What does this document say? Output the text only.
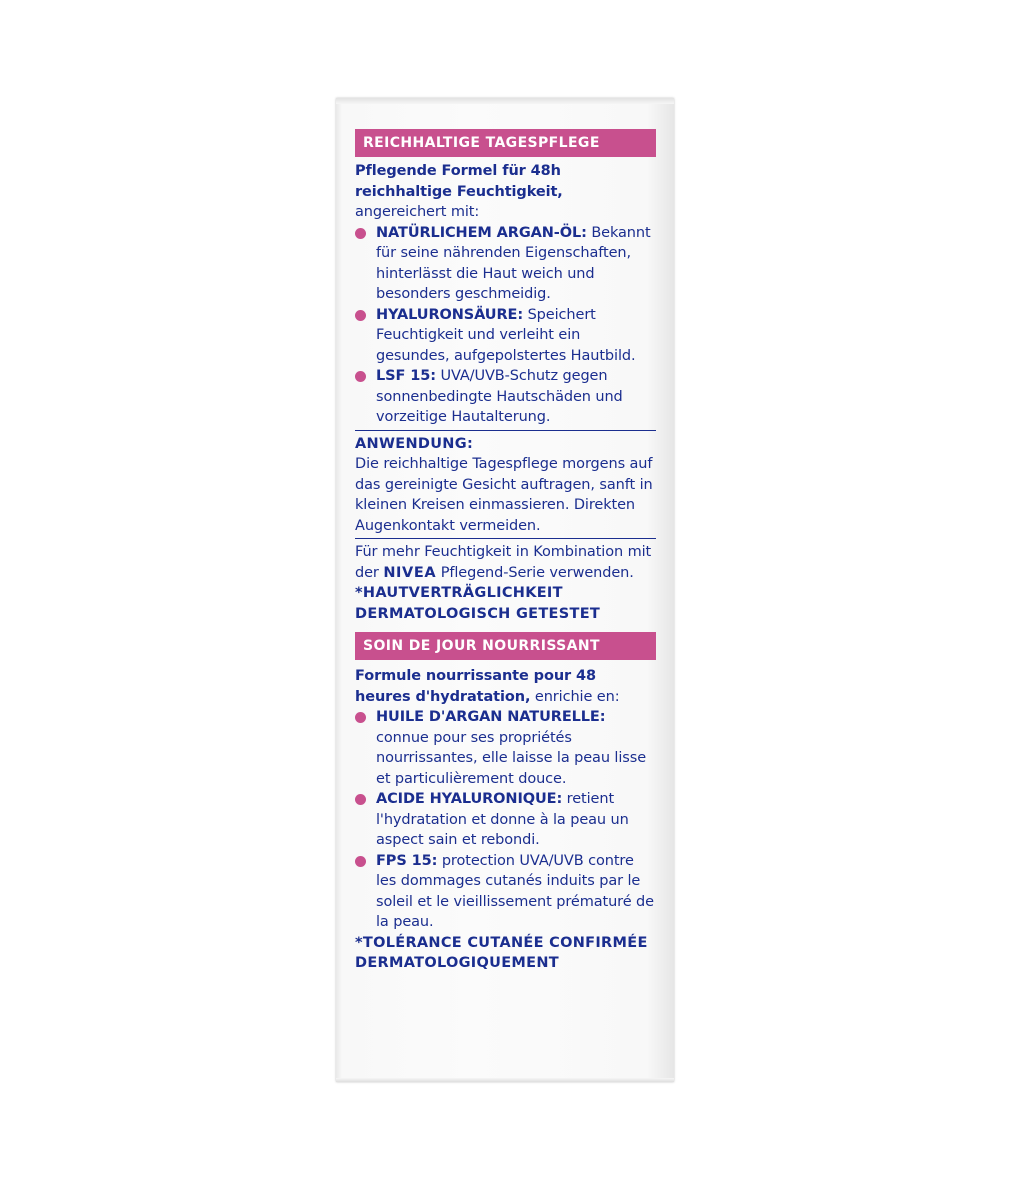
REICHHALTIGE TAGESPFLEGE

Pflegende Formel für 48h
reichhaltige Feuchtigkeit,
angereichert mit:

NATÜRLICHEM ARGAN-ÖL: Bekannt für seine nährenden Eigenschaften, hinterlässt die Haut weich und besonders geschmeidig.
HYALURONSÄURE: Speichert Feuchtigkeit und verleiht ein gesundes, aufgepolstertes Hautbild.
LSF 15: UVA/UVB-Schutz gegen sonnenbedingte Hautschäden und vorzeitige Hautalterung.
ANWENDUNG:
Die reichhaltige Tagespflege morgens auf das gereinigte Gesicht auftragen, sanft in kleinen Kreisen einmassieren. Direkten Augenkontakt vermeiden.
Für mehr Feuchtigkeit in Kombination mit der NIVEA Pflegend-Serie verwenden.
*HAUTVERTRÄGLICHKEIT
DERMATOLOGISCH GETESTET
SOIN DE JOUR NOURRISSANT

Formule nourrissante pour 48
heures d'hydratation, enrichie en:

HUILE D'ARGAN NATURELLE: connue pour ses propriétés nourrissantes, elle laisse la peau lisse et particulièrement douce.
ACIDE HYALURONIQUE: retient l'hydratation et donne à la peau un aspect sain et rebondi.
FPS 15: protection UVA/UVB contre les dommages cutanés induits par le soleil et le vieillissement prématuré de la peau.
*TOLÉRANCE CUTANÉE CONFIRMÉE
DERMATOLOGIQUEMENT
